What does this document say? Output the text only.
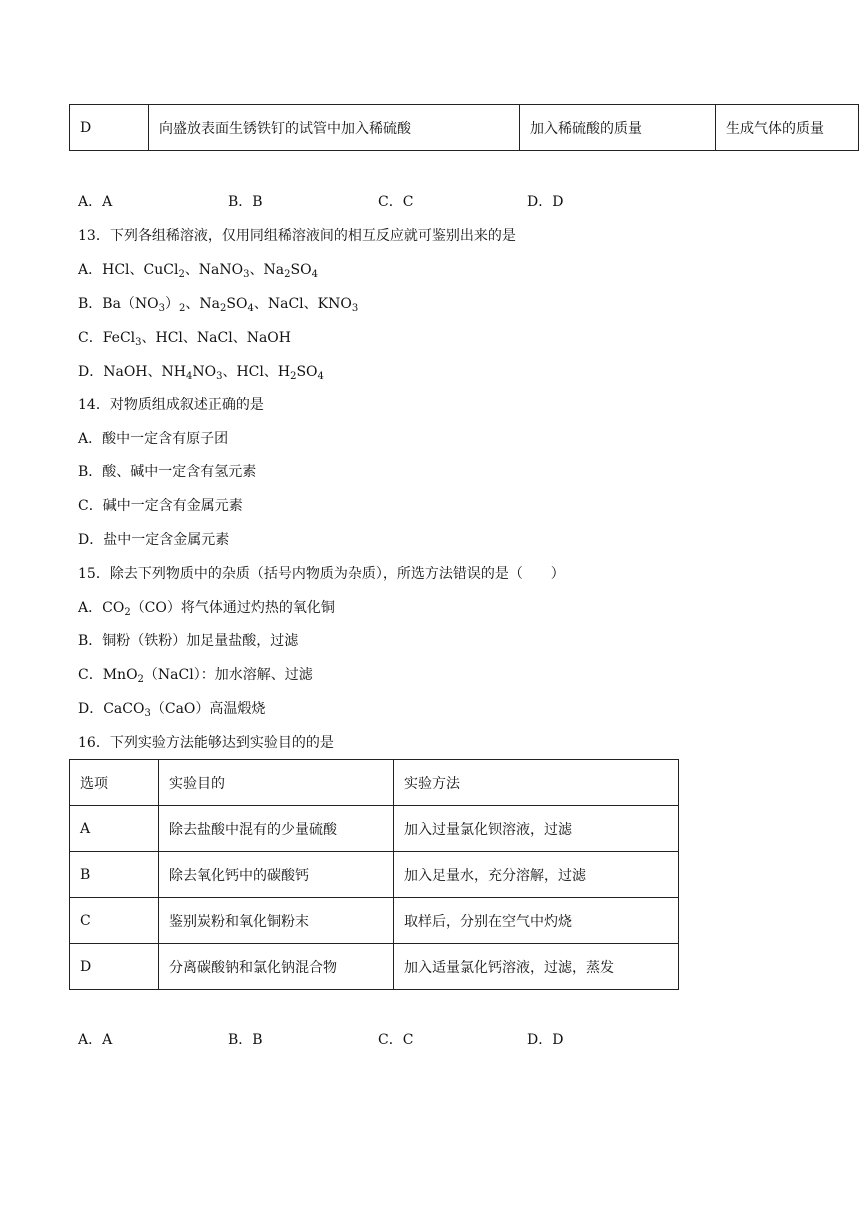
D	向盛放表面生锈铁钉的试管中加入稀硫酸	加入稀硫酸的质量	生成气体的质量
A．A	B．B	C．C	D．D
13．下列各组稀溶液，仅用同组稀溶液间的相互反应就可鉴别出来的是
A．HCl、CuCl$_2$、NaNO$_3$、$Na_2SO_4$
B．$Ba(NO_3)_2$、$Na_2SO_4$、NaCl、$KNO_3$
C．FeCl$_3$、HCl、NaCl、NaOH
D．NaOH、$NH_4NO_3$、HCl、$H_2SO_4$
14．对物质组成叙述正确的是
A．酸中一定含有原子团
B．酸、碱中一定含有氢元素
C．碱中一定含有金属元素
D．盐中一定含金属元素
15．除去下列物质中的杂质（括号内物质为杂质），所选方法错误的是（　　）
A．$CO_2(CO)$将气体通过灼热的氧化铜
B．铜粉（铁粉）加足量盐酸，过滤
C．MnO$_2$（NaCl）：加水溶解、过滤
D．CaCO$_3$（CaO）高温煅烧
16．下列实验方法能够达到实验目的的是
选项	实验目的	实验方法
A	除去盐酸中混有的少量硫酸	加入过量氯化钡溶液，过滤
B	除去氧化钙中的碳酸钙	加入足量水，充分溶解，过滤
C	鉴别炭粉和氧化铜粉末	取样后，分别在空气中灼烧
D	分离碳酸钠和氯化钠混合物	加入适量氯化钙溶液，过滤，蒸发
A．A	B．B	C．C	D．D
